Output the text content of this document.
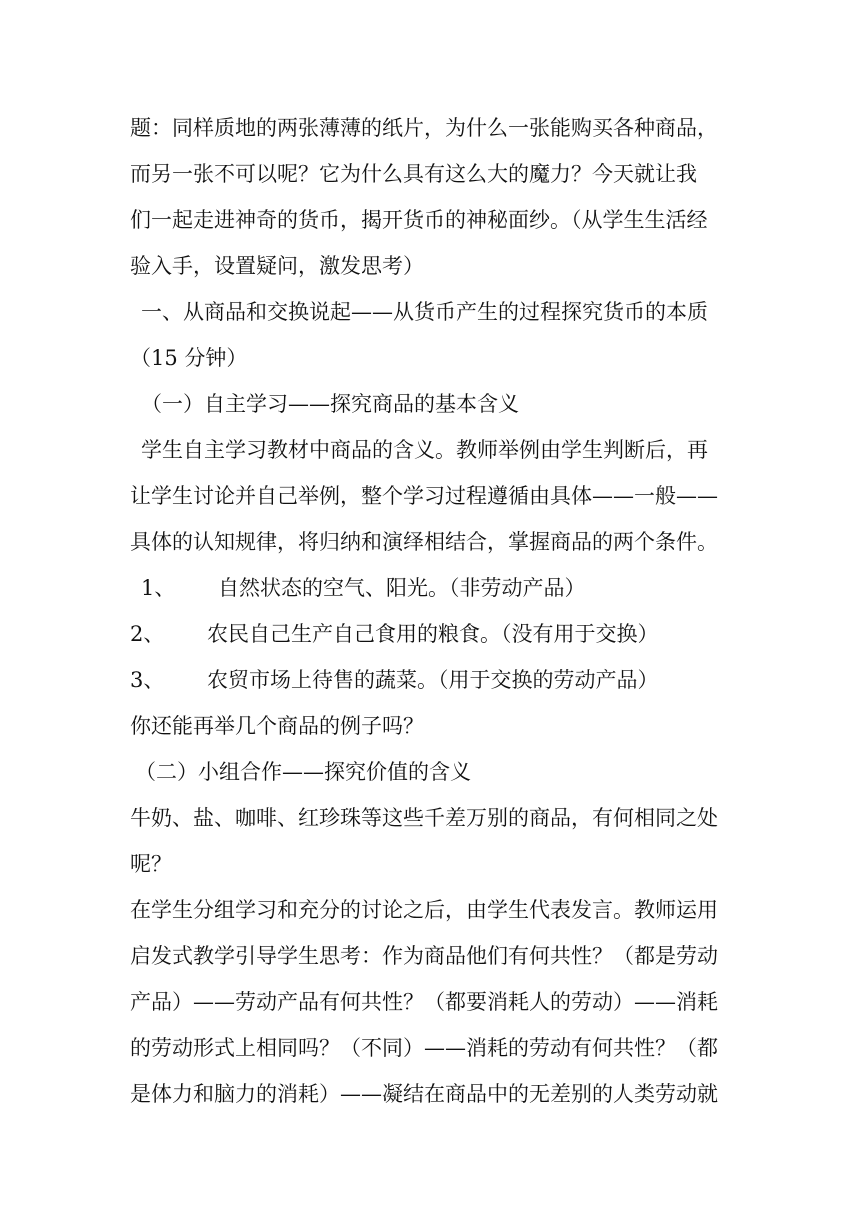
题：同样质地的两张薄薄的纸片，为什么一张能购买各种商品，
而另一张不可以呢？它为什么具有这么大的魔力？今天就让我
们一起走进神奇的货币，揭开货币的神秘面纱。（从学生生活经
验入手，设置疑问，激发思考）
一、从商品和交换说起——从货币产生的过程探究货币的本质
（15 分钟）
（一）自主学习——探究商品的基本含义
学生自主学习教材中商品的含义。教师举例由学生判断后，再
让学生讨论并自己举例，整个学习过程遵循由具体——一般——
具体的认知规律，将归纳和演绎相结合，掌握商品的两个条件。
1、 自然状态的空气、阳光。（非劳动产品）
2、 农民自己生产自己食用的粮食。（没有用于交换）
3、 农贸市场上待售的蔬菜。（用于交换的劳动产品）
你还能再举几个商品的例子吗？
（二）小组合作——探究价值的含义
牛奶、盐、咖啡、红珍珠等这些千差万别的商品，有何相同之处
呢？
在学生分组学习和充分的讨论之后，由学生代表发言。教师运用
启发式教学引导学生思考：作为商品他们有何共性？（都是劳动
产品）——劳动产品有何共性？（都要消耗人的劳动）——消耗
的劳动形式上相同吗？（不同）——消耗的劳动有何共性？（都
是体力和脑力的消耗）——凝结在商品中的无差别的人类劳动就
